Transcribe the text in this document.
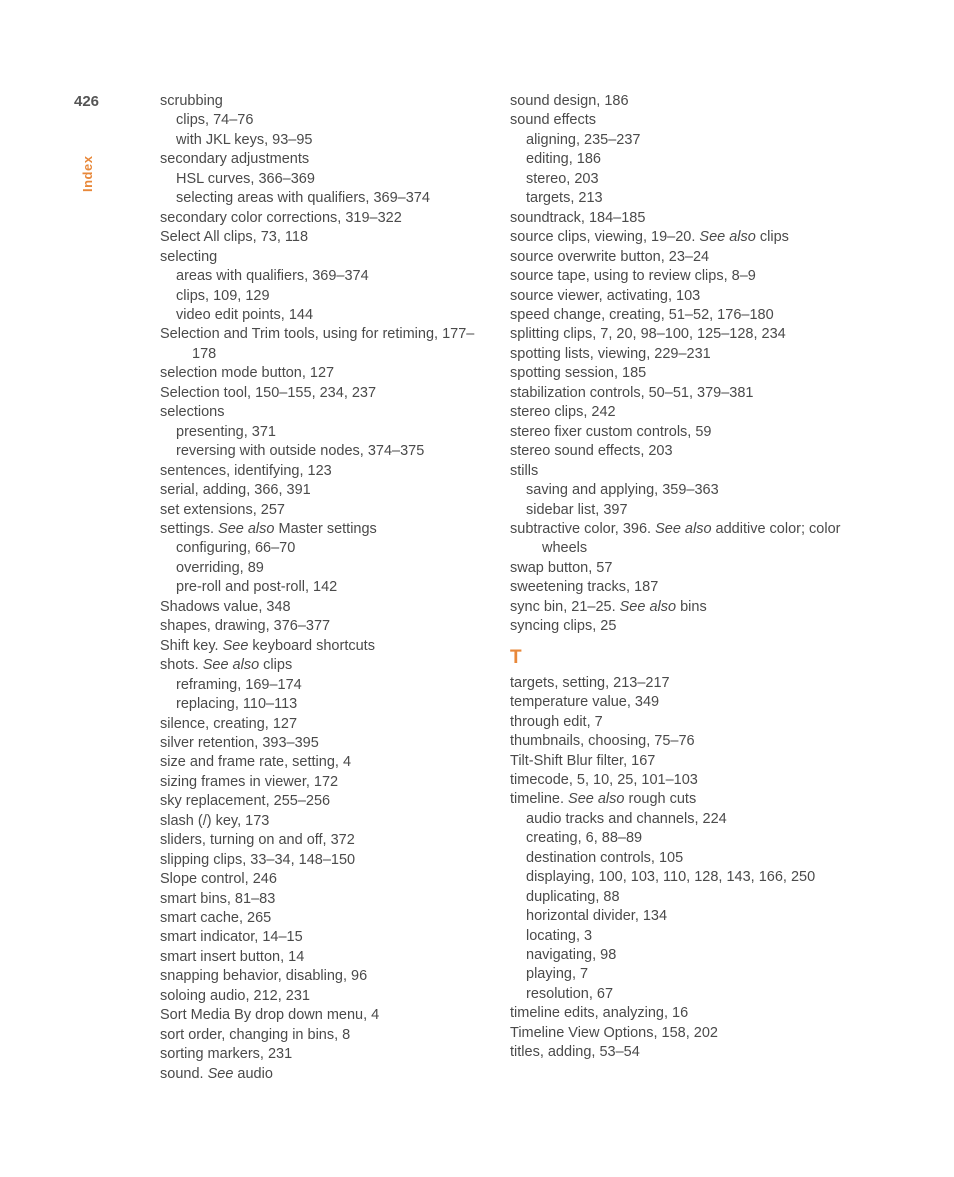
426
Index
scrubbing
clips, 74–76
with JKL keys, 93–95
secondary adjustments
HSL curves, 366–369
selecting areas with qualifiers, 369–374
secondary color corrections, 319–322
Select All clips, 73, 118
selecting
areas with qualifiers, 369–374
clips, 109, 129
video edit points, 144
Selection and Trim tools, using for retiming, 177–178
selection mode button, 127
Selection tool, 150–155, 234, 237
selections
presenting, 371
reversing with outside nodes, 374–375
sentences, identifying, 123
serial, adding, 366, 391
set extensions, 257
settings. See also Master settings
configuring, 66–70
overriding, 89
pre-roll and post-roll, 142
Shadows value, 348
shapes, drawing, 376–377
Shift key. See keyboard shortcuts
shots. See also clips
reframing, 169–174
replacing, 110–113
silence, creating, 127
silver retention, 393–395
size and frame rate, setting, 4
sizing frames in viewer, 172
sky replacement, 255–256
slash (/) key, 173
sliders, turning on and off, 372
slipping clips, 33–34, 148–150
Slope control, 246
smart bins, 81–83
smart cache, 265
smart indicator, 14–15
smart insert button, 14
snapping behavior, disabling, 96
soloing audio, 212, 231
Sort Media By drop down menu, 4
sort order, changing in bins, 8
sorting markers, 231
sound. See audio
sound design, 186
sound effects
aligning, 235–237
editing, 186
stereo, 203
targets, 213
soundtrack, 184–185
source clips, viewing, 19–20. See also clips
source overwrite button, 23–24
source tape, using to review clips, 8–9
source viewer, activating, 103
speed change, creating, 51–52, 176–180
splitting clips, 7, 20, 98–100, 125–128, 234
spotting lists, viewing, 229–231
spotting session, 185
stabilization controls, 50–51, 379–381
stereo clips, 242
stereo fixer custom controls, 59
stereo sound effects, 203
stills
saving and applying, 359–363
sidebar list, 397
subtractive color, 396. See also additive color; color wheels
swap button, 57
sweetening tracks, 187
sync bin, 21–25. See also bins
syncing clips, 25
T
targets, setting, 213–217
temperature value, 349
through edit, 7
thumbnails, choosing, 75–76
Tilt-Shift Blur filter, 167
timecode, 5, 10, 25, 101–103
timeline. See also rough cuts
audio tracks and channels, 224
creating, 6, 88–89
destination controls, 105
displaying, 100, 103, 110, 128, 143, 166, 250
duplicating, 88
horizontal divider, 134
locating, 3
navigating, 98
playing, 7
resolution, 67
timeline edits, analyzing, 16
Timeline View Options, 158, 202
titles, adding, 53–54
